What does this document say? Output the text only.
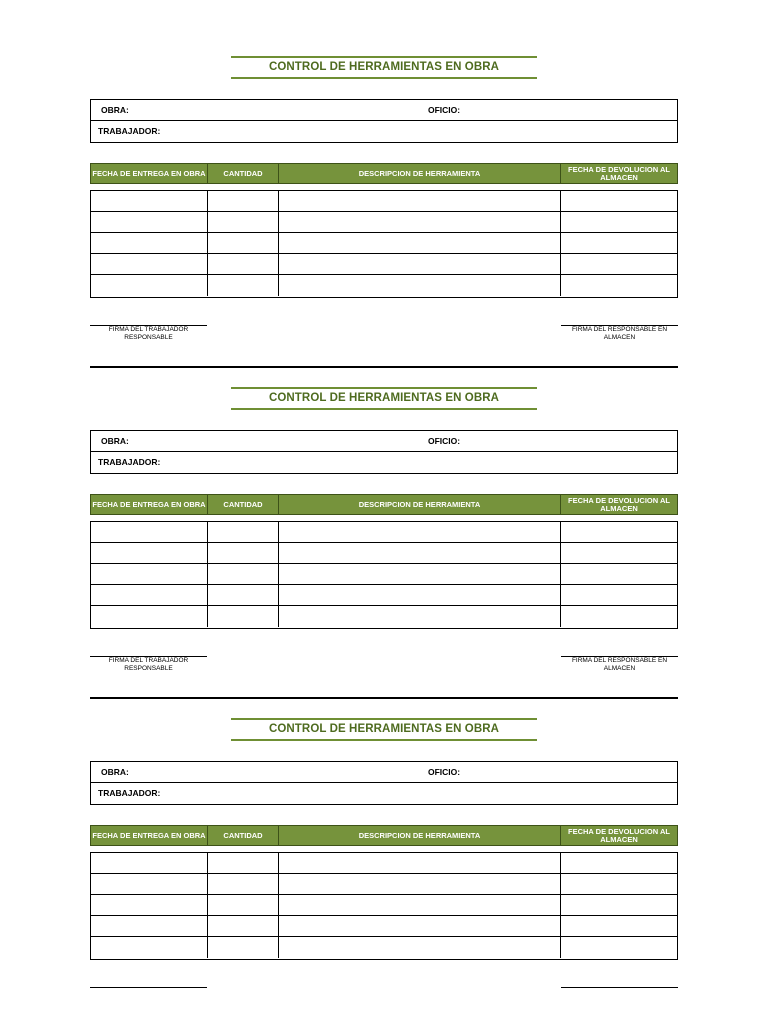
CONTROL DE HERRAMIENTAS EN OBRA
OBRA:	OFICIO:
TRABAJADOR:
FECHA DE ENTREGA EN OBRA	CANTIDAD	DESCRIPCION DE HERRAMIENTA	FECHA DE DEVOLUCION AL ALMACEN
FIRMA DEL TRABAJADOR RESPONSABLE
FIRMA DEL RESPONSABLE EN ALMACEN
CONTROL DE HERRAMIENTAS EN OBRA
OBRA:	OFICIO:
TRABAJADOR:
FECHA DE ENTREGA EN OBRA	CANTIDAD	DESCRIPCION DE HERRAMIENTA	FECHA DE DEVOLUCION AL ALMACEN
FIRMA DEL TRABAJADOR RESPONSABLE
FIRMA DEL RESPONSABLE EN ALMACEN
CONTROL DE HERRAMIENTAS EN OBRA
OBRA:	OFICIO:
TRABAJADOR:
FECHA DE ENTREGA EN OBRA	CANTIDAD	DESCRIPCION DE HERRAMIENTA	FECHA DE DEVOLUCION AL ALMACEN
